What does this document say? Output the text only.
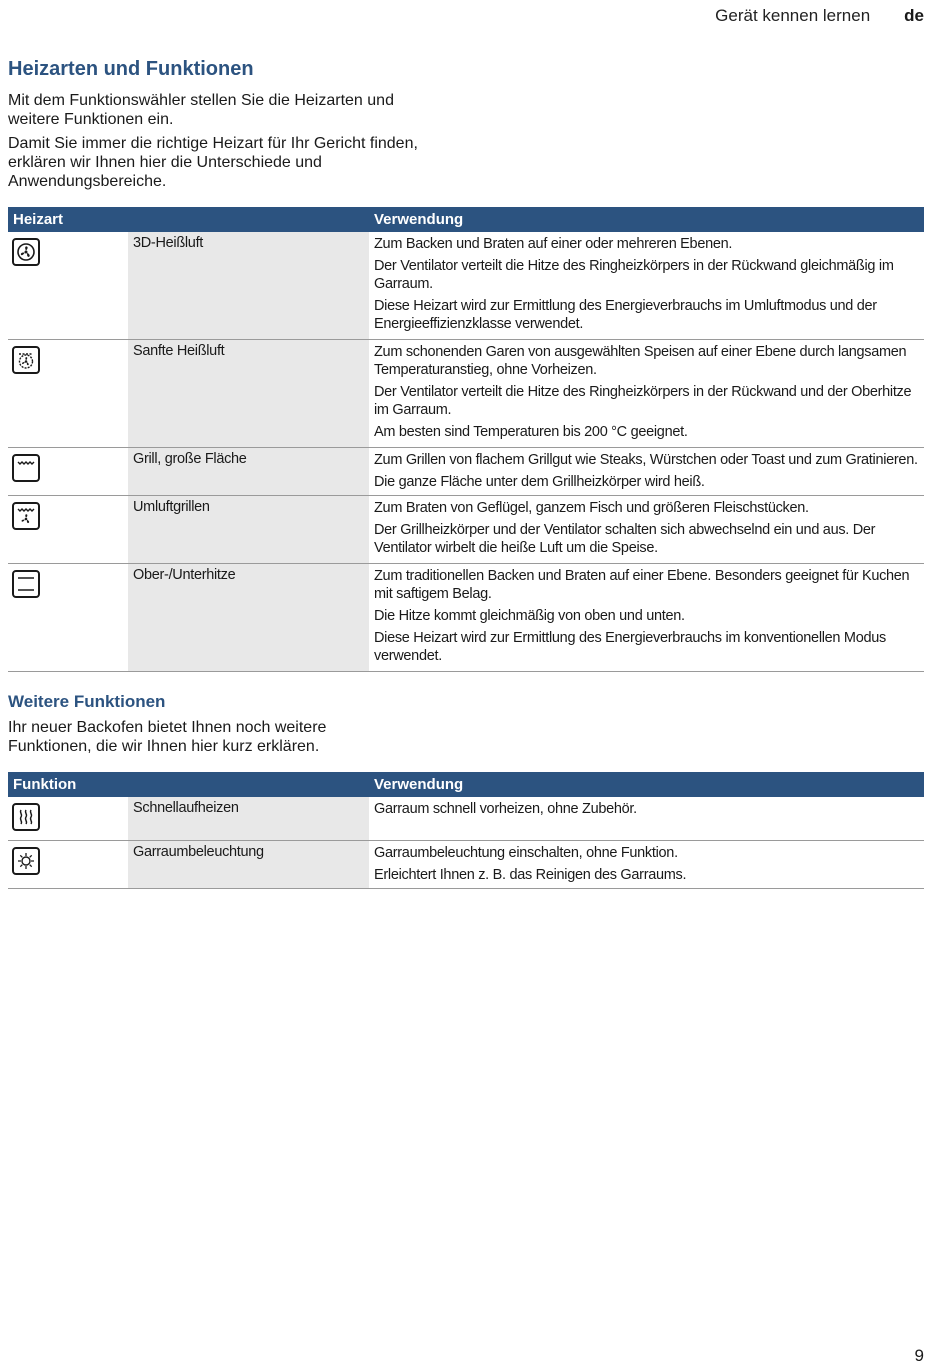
Gerät kennen lernen de
Heizarten und Funktionen

Mit dem Funktionswähler stellen Sie die Heizarten und weitere Funktionen ein.

Damit Sie immer die richtige Heizart für Ihr Gericht finden, erklären wir Ihnen hier die Unterschiede und Anwendungsbereiche.

Heizart	Verwendung
3D-Heißluft	Zum Backen und Braten auf einer oder mehreren Ebenen.

Der Ventilator verteilt die Hitze des Ringheizkörpers in der Rückwand gleichmäßig im Garraum.

Diese Heizart wird zur Ermittlung des Energieverbrauchs im Umluftmodus und der Energieeffizienzklasse verwendet.

Sanfte Heißluft	Zum schonenden Garen von ausgewählten Speisen auf einer Ebene durch langsamen Temperaturanstieg, ohne Vorheizen.

Der Ventilator verteilt die Hitze des Ringheizkörpers in der Rückwand und der Oberhitze im Garraum.

Am besten sind Temperaturen bis 200 °C geeignet.

Grill, große Fläche	Zum Grillen von flachem Grillgut wie Steaks, Würstchen oder Toast und zum Gratinieren.

Die ganze Fläche unter dem Grillheizkörper wird heiß.

Umluftgrillen	Zum Braten von Geflügel, ganzem Fisch und größeren Fleischstücken.

Der Grillheizkörper und der Ventilator schalten sich abwechselnd ein und aus. Der Ventilator wirbelt die heiße Luft um die Speise.

Ober-/Unterhitze	Zum traditionellen Backen und Braten auf einer Ebene. Besonders geeignet für Kuchen mit saftigem Belag.

Die Hitze kommt gleichmäßig von oben und unten.

Diese Heizart wird zur Ermittlung des Energieverbrauchs im konventionellen Modus verwendet.

Weitere Funktionen

Ihr neuer Backofen bietet Ihnen noch weitere Funktionen, die wir Ihnen hier kurz erklären.

Funktion	Verwendung
Schnellaufheizen	Garraum schnell vorheizen, ohne Zubehör.

Garraumbeleuchtung	Garraumbeleuchtung einschalten, ohne Funktion.

Erleichtert Ihnen z. B. das Reinigen des Garraums.

9
